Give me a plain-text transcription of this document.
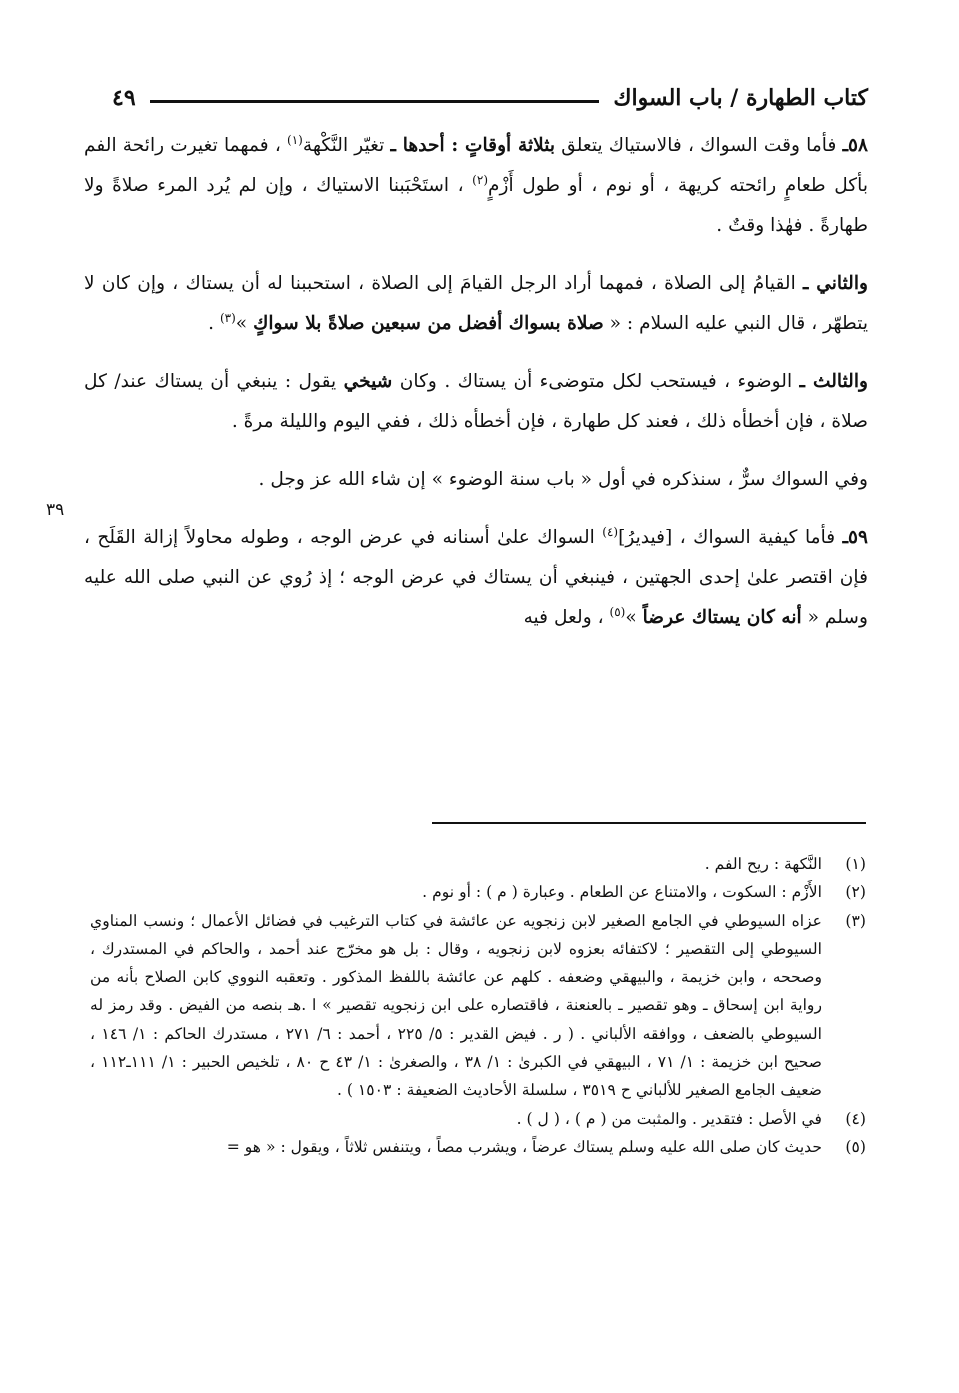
كتاب الطهارة / باب السواك
٤٩

٥٨ـ فأما وقت السواك ، فالاستياك يتعلق بثلاثة أوقاتٍ : أحدها ـ تغيّر النَّكْهة$^{(١)}$ ، فمهما تغيرت رائحة الفم بأكل طعامٍ رائحته كريهة ، أو نوم ، أو طول أَزْمٍ$^{(٢)}$ ، استَحْبَبنا الاستياك ، وإن لم يُرد المرء صلاةً ولا طهارةً . فهٰذا وقتٌ .

والثاني ـ القيامُ إلى الصلاة ، فمهما أراد الرجل القيامَ إلى الصلاة ، استحببنا له أن يستاك ، وإن كان لا يتطهّر ، قال النبي عليه السلام : « صلاة بسواك أفضل من سبعين صلاةً بلا سواكٍ »$^{(٣)}$ .

والثالث ـ الوضوء ، فيستحب لكل متوضىء أن يستاك . وكان شيخي يقول : ينبغي أن يستاك عند/ كل صلاة ، فإن أخطأه ذلك ، فعند كل طهارة ، فإن أخطأه ذلك ، ففي اليوم والليلة مرةً .

وفي السواك سرٌّ ، سنذكره في أول « باب سنة الوضوء » إن شاء الله عز وجل .

٥٩ـ فأما كيفية السواك ، [فيديرُ]$^{(٤)}$ السواك علىٰ أسنانه في عرض الوجه ، وطوله محاولاً إزالة القَلَح ، فإن اقتصر علىٰ إحدى الجهتين ، فينبغي أن يستاك في عرض الوجه ؛ إذ رُوي عن النبي صلى الله عليه وسلم « أنه كان يستاك عرضاً »$^{(٥)}$ ، ولعل فيه

٣٩
(١)
النَّكهة : ريح الفم .
(٢)
الأَزْم : السكوت ، والامتناع عن الطعام . وعبارة ( م ) : أو نوم .
(٣)
عزاه السيوطي في الجامع الصغير لابن زنجويه عن عائشة في كتاب الترغيب في فضائل الأعمال ؛ ونسب المناوي السيوطي إلى التقصير ؛ لاكتفائه بعزوه لابن زنجويه ، وقال : بل هو مخرّج عند أحمد ، والحاكم في المستدرك ، وصححه ، وابن خزيمة ، والبيهقي وضعفه . كلهم عن عائشة باللفظ المذكور . وتعقبه النووي كابن الصلاح بأنه من رواية ابن إسحاق ـ وهو تقصير ـ بالعنعنة ، فاقتصاره على ابن زنجويه تقصير » ا .هـ بنصه من الفيض . وقد رمز له السيوطي بالضعف ، ووافقه الألباني . ( ر . فيض القدير : ٥/ ٢٢٥ ، أحمد : ٦/ ٢٧١ ، مستدرك الحاكم : ١/ ١٤٦ ، صحيح ابن خزيمة : ١/ ٧١ ، البيهقي في الكبرىٰ : ١/ ٣٨ ، والصغرىٰ : ١/ ٤٣ ح ٨٠ ، تلخيص الحبير : ١/ ١١١ـ١١٢ ، ضعيف الجامع الصغير للألباني ح ٣٥١٩ ، سلسلة الأحاديث الضعيفة : ١٥٠٣ ) .
(٤)
في الأصل : فتقدير . والمثبت من ( م ) ، ( ل ) .
(٥)
حديث كان صلى الله عليه وسلم يستاك عرضاً ، ويشرب مصاً ، ويتنفس ثلاثاً ، ويقول : « هو =
